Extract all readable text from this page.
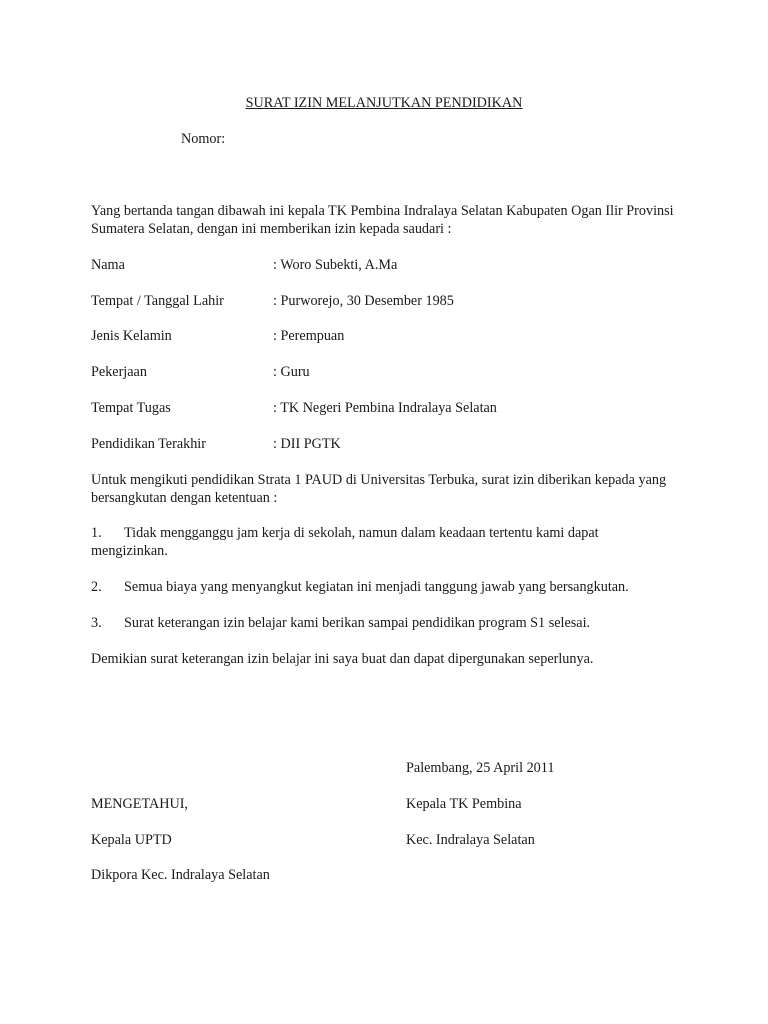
SURAT IZIN MELANJUTKAN PENDIDIKAN
Nomor:
Yang bertanda tangan dibawah ini kepala TK Pembina Indralaya Selatan Kabupaten Ogan Ilir Provinsi Sumatera Selatan, dengan ini memberikan izin kepada saudari :
Nama	: Woro Subekti, A.Ma
Tempat / Tanggal Lahir	: Purworejo, 30 Desember 1985
Jenis Kelamin	: Perempuan
Pekerjaan	: Guru
Tempat Tugas	: TK Negeri Pembina Indralaya Selatan
Pendidikan Terakhir	: DII PGTK
Untuk mengikuti pendidikan Strata 1 PAUD di Universitas Terbuka, surat izin diberikan kepada yang bersangkutan dengan ketentuan :
1.	Tidak mengganggu jam kerja di sekolah, namun dalam keadaan tertentu kami dapat mengizinkan.
2. Semua biaya yang menyangkut kegiatan ini menjadi tanggung jawab yang bersangkutan.
3. Surat keterangan izin belajar kami berikan sampai pendidikan program S1 selesai.
Demikian surat keterangan izin belajar ini saya buat dan dapat dipergunakan seperlunya.
Palembang, 25 April 2011
MENGETAHUI,	Kepala TK Pembina
Kepala UPTD	Kec. Indralaya Selatan
Dikpora Kec. Indralaya Selatan
